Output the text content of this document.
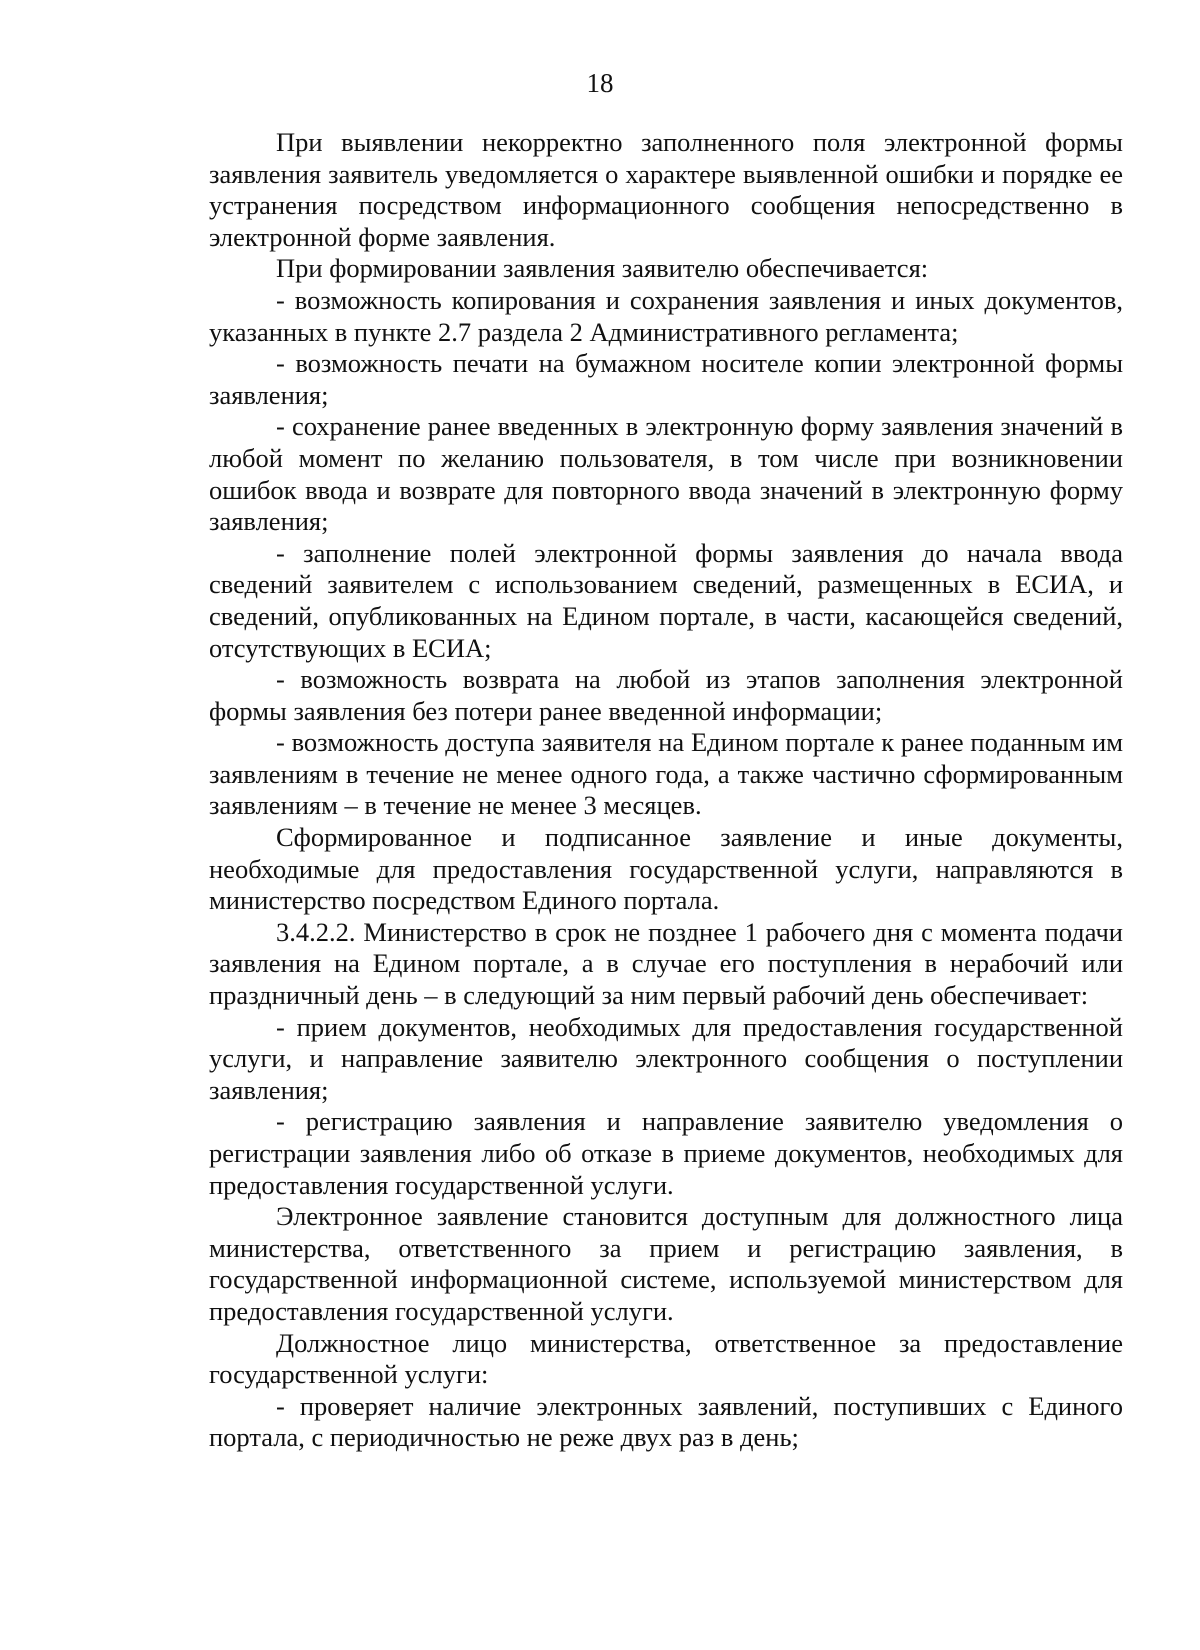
18

При выявлении некорректно заполненного поля электронной формы заявления заявитель уведомляется о характере выявленной ошибки и порядке ее устранения посредством информационного сообщения непосредственно в электронной форме заявления.

При формировании заявления заявителю обеспечивается:

- возможность копирования и сохранения заявления и иных документов, указанных в пункте 2.7 раздела 2 Административного регламента;

- возможность печати на бумажном носителе копии электронной формы заявления;

- сохранение ранее введенных в электронную форму заявления значений в любой момент по желанию пользователя, в том числе при возникновении ошибок ввода и возврате для повторного ввода значений в электронную форму заявления;

- заполнение полей электронной формы заявления до начала ввода сведений заявителем с использованием сведений, размещенных в ЕСИА, и сведений, опубликованных на Едином портале, в части, касающейся сведений, отсутствующих в ЕСИА;

- возможность возврата на любой из этапов заполнения электронной формы заявления без потери ранее введенной информации;

- возможность доступа заявителя на Едином портале к ранее поданным им заявлениям в течение не менее одного года, а также частично сформированным заявлениям – в течение не менее 3 месяцев.

Сформированное и подписанное заявление и иные документы, необходимые для предоставления государственной услуги, направляются в министерство посредством Единого портала.

3.4.2.2. Министерство в срок не позднее 1 рабочего дня с момента подачи заявления на Едином портале, а в случае его поступления в нерабочий или праздничный день – в следующий за ним первый рабочий день обеспечивает:

- прием документов, необходимых для предоставления государственной услуги, и направление заявителю электронного сообщения о поступлении заявления;

- регистрацию заявления и направление заявителю уведомления о регистрации заявления либо об отказе в приеме документов, необходимых для предоставления государственной услуги.

Электронное заявление становится доступным для должностного лица министерства, ответственного за прием и регистрацию заявления, в государственной информационной системе, используемой министерством для предоставления государственной услуги.

Должностное лицо министерства, ответственное за предоставление государственной услуги:

- проверяет наличие электронных заявлений, поступивших с Единого портала, с периодичностью не реже двух раз в день;
